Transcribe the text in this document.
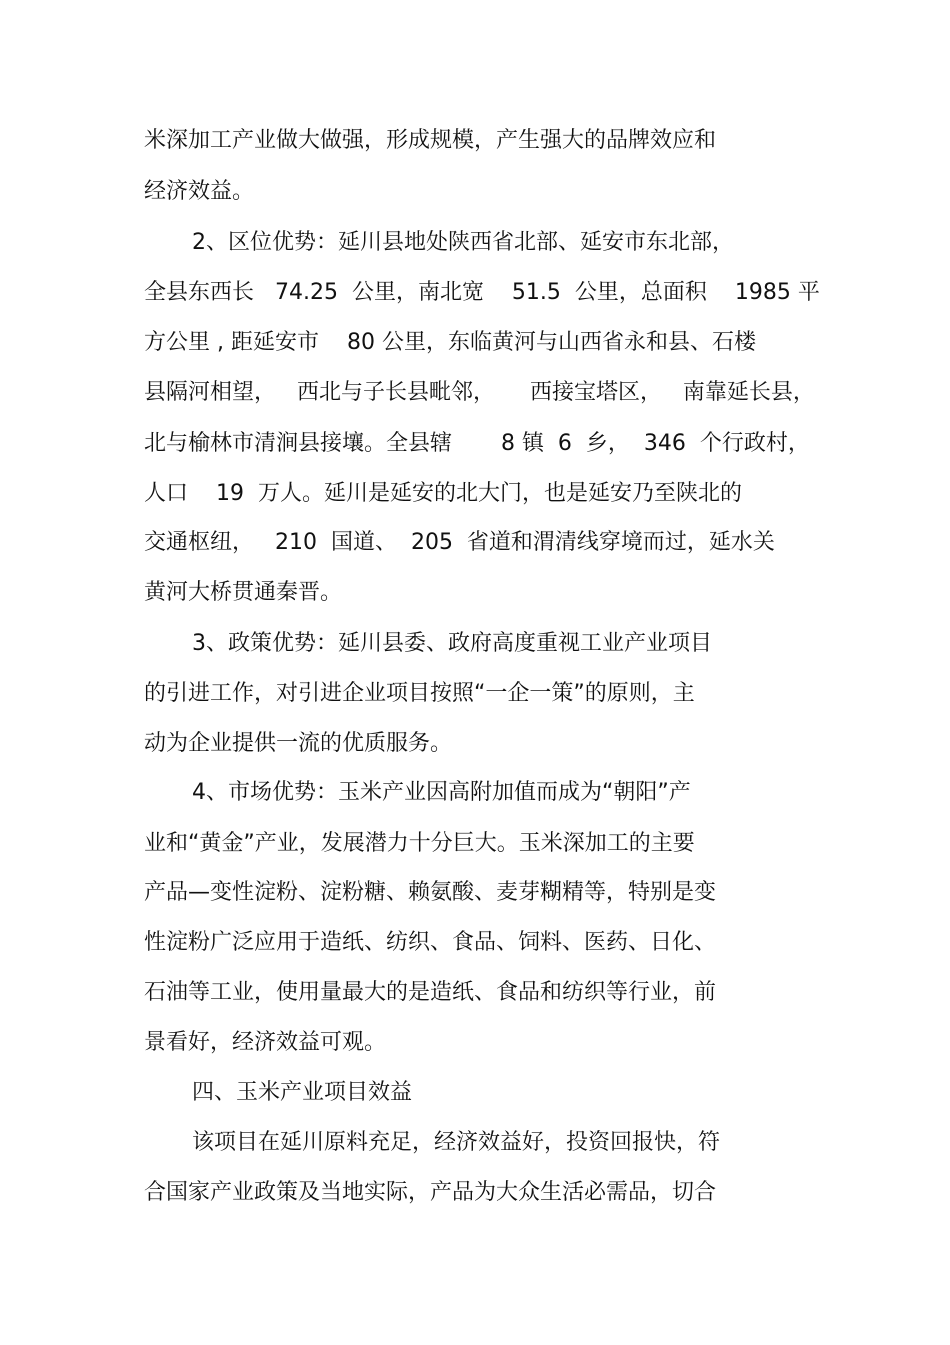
米深加工产业做大做强，形成规模，产生强大的品牌效应和
经济效益。
2、区位优势：延川县地处陕西省北部、延安市东北部，
全县东西长   74.25  公里，南北宽    51.5  公里，总面积    1985 平
方公里 , 距延安市    80 公里，东临黄河与山西省永和县、石楼
县隔河相望，   西北与子长县毗邻，     西接宝塔区，   南靠延长县，
北与榆林市清涧县接壤。全县辖       8 镇  6  乡，  346  个行政村，
人口    19  万人。延川是延安的北大门，也是延安乃至陕北的
交通枢纽，   210  国道、  205  省道和渭清线穿境而过，延水关
黄河大桥贯通秦晋。
3、政策优势：延川县委、政府高度重视工业产业项目
的引进工作，对引进企业项目按照“一企一策”的原则，主
动为企业提供一流的优质服务。
4、市场优势：玉米产业因高附加值而成为“朝阳”产
业和“黄金”产业，发展潜力十分巨大。玉米深加工的主要
产品—变性淀粉、淀粉糖、赖氨酸、麦芽糊精等，特别是变
性淀粉广泛应用于造纸、纺织、食品、饲料、医药、日化、
石油等工业，使用量最大的是造纸、食品和纺织等行业，前
景看好，经济效益可观。
四、玉米产业项目效益
该项目在延川原料充足，经济效益好，投资回报快，符
合国家产业政策及当地实际，产品为大众生活必需品，切合
